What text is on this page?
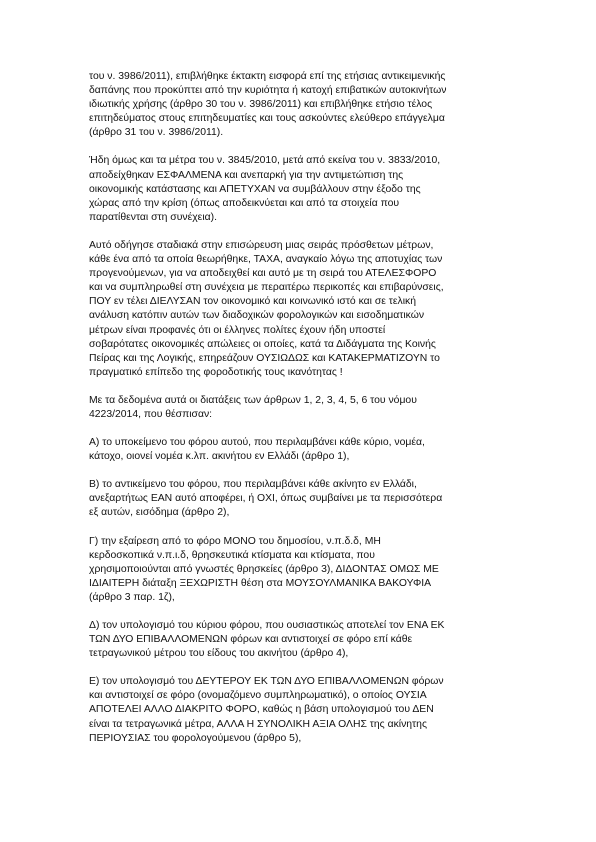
του ν. 3986/2011), επιβλήθηκε έκτακτη εισφορά επί της ετήσιας αντικειμενικής
δαπάνης που προκύπτει από την κυριότητα ή κατοχή επιβατικών αυτοκινήτων
ιδιωτικής χρήσης (άρθρο 30 του ν. 3986/2011) και επιβλήθηκε ετήσιο τέλος
επιτηδεύματος στους επιτηδευματίες και τους ασκούντες ελεύθερο επάγγελμα
(άρθρο 31 του ν. 3986/2011).

Ήδη όμως και τα μέτρα του ν. 3845/2010, μετά από εκείνα του ν. 3833/2010,
αποδείχθηκαν ΕΣΦΑΛΜΕΝΑ και ανεπαρκή για την αντιμετώπιση της
οικονομικής κατάστασης και ΑΠΕΤΥΧΑΝ να συμβάλλουν στην έξοδο της
χώρας από την κρίση (όπως αποδεικνύεται και από τα στοιχεία που
παρατίθενται στη συνέχεια).

Αυτό οδήγησε σταδιακά στην επισώρευση μιας σειράς πρόσθετων μέτρων,
κάθε ένα από τα οποία θεωρήθηκε, ΤΑΧΑ, αναγκαίο λόγω της αποτυχίας των
προγενούμενων, για να αποδειχθεί και αυτό με τη σειρά του ΑΤΕΛΕΣΦΟΡΟ
και να συμπληρωθεί στη συνέχεια με περαιτέρω περικοπές και επιβαρύνσεις,
ΠΟΥ εν τέλει ΔΙΕΛΥΣΑΝ τον οικονομικό και κοινωνικό ιστό και σε τελική
ανάλυση κατόπιν αυτών των διαδοχικών φορολογικών και εισοδηματικών
μέτρων είναι προφανές ότι οι έλληνες πολίτες έχουν ήδη υποστεί
σοβαρότατες οικονομικές απώλειες οι οποίες, κατά τα Διδάγματα της Κοινής
Πείρας και της Λογικής, επηρεάζουν ΟΥΣΙΩΔΩΣ και ΚΑΤΑΚΕΡΜΑΤΙΖΟΥΝ το
πραγματικό επίπεδο της φοροδοτικής τους ικανότητας !

Με τα δεδομένα αυτά οι διατάξεις των άρθρων 1, 2, 3, 4, 5, 6 του νόμου
4223/2014, που θέσπισαν:

Α) το υποκείμενο του φόρου αυτού, που περιλαμβάνει κάθε κύριο, νομέα,
κάτοχο, οιονεί νομέα κ.λπ. ακινήτου εν Ελλάδι (άρθρο 1),

Β) το αντικείμενο του φόρου, που περιλαμβάνει κάθε ακίνητο εν Ελλάδι,
ανεξαρτήτως ΕΑΝ αυτό αποφέρει, ή ΟΧΙ, όπως συμβαίνει με τα περισσότερα
εξ αυτών, εισόδημα (άρθρο 2),

Γ) την εξαίρεση από το φόρο ΜΟΝΟ του δημοσίου, ν.π.δ.δ, ΜΗ
κερδοσκοπικά ν.π.ι.δ, θρησκευτικά κτίσματα και κτίσματα, που
χρησιμοποιούνται από γνωστές θρησκείες (άρθρο 3), ΔΙΔΟΝΤΑΣ ΟΜΩΣ ΜΕ
ΙΔΙΑΙΤΕΡΗ διάταξη ΞΕΧΩΡΙΣΤΗ θέση στα ΜΟΥΣΟΥΛΜΑΝΙΚΑ ΒΑΚΟΥΦΙΑ
(άρθρο 3 παρ. 1ζ),

Δ) τον υπολογισμό του κύριου φόρου, που ουσιαστικώς αποτελεί τον ΕΝΑ ΕΚ
ΤΩΝ ΔΥΟ ΕΠΙΒΑΛΛΟΜΕΝΩΝ φόρων και αντιστοιχεί σε φόρο επί κάθε
τετραγωνικού μέτρου του είδους του ακινήτου (άρθρο 4),

Ε) τον υπολογισμό του ΔΕΥΤΕΡΟΥ ΕΚ ΤΩΝ ΔΥΟ ΕΠΙΒΑΛΛΟΜΕΝΩΝ φόρων
και αντιστοιχεί σε φόρο (ονομαζόμενο συμπληρωματικό), ο οποίος ΟΥΣΙΑ
ΑΠΟΤΕΛΕΙ ΑΛΛΟ ΔΙΑΚΡΙΤΟ ΦΟΡΟ, καθώς η βάση υπολογισμού του ΔΕΝ
είναι τα τετραγωνικά μέτρα, ΑΛΛΑ Η ΣΥΝΟΛΙΚΗ ΑΞΙΑ ΟΛΗΣ της ακίνητης
ΠΕΡΙΟΥΣΙΑΣ του φορολογούμενου (άρθρο 5),
